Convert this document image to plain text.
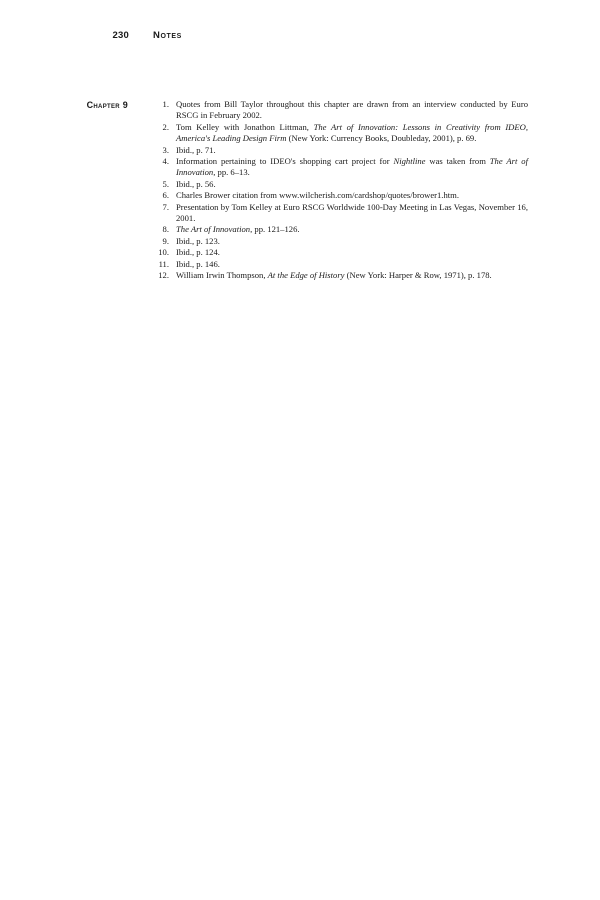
230	Notes
Chapter 9	1. Quotes from Bill Taylor throughout this chapter are drawn from an interview conducted by Euro RSCG in February 2002.
2. Tom Kelley with Jonathon Littman, The Art of Innovation: Lessons in Creativity from IDEO, America's Leading Design Firm (New York: Currency Books, Doubleday, 2001), p. 69.
3. Ibid., p. 71.
4. Information pertaining to IDEO's shopping cart project for Nightline was taken from The Art of Innovation, pp. 6–13.
5. Ibid., p. 56.
6. Charles Brower citation from www.wilcherish.com/cardshop/quotes/brower1.htm.
7. Presentation by Tom Kelley at Euro RSCG Worldwide 100-Day Meeting in Las Vegas, November 16, 2001.
8. The Art of Innovation, pp. 121–126.
9. Ibid., p. 123.
10. Ibid., p. 124.
11. Ibid., p. 146.
12. William Irwin Thompson, At the Edge of History (New York: Harper & Row, 1971), p. 178.
